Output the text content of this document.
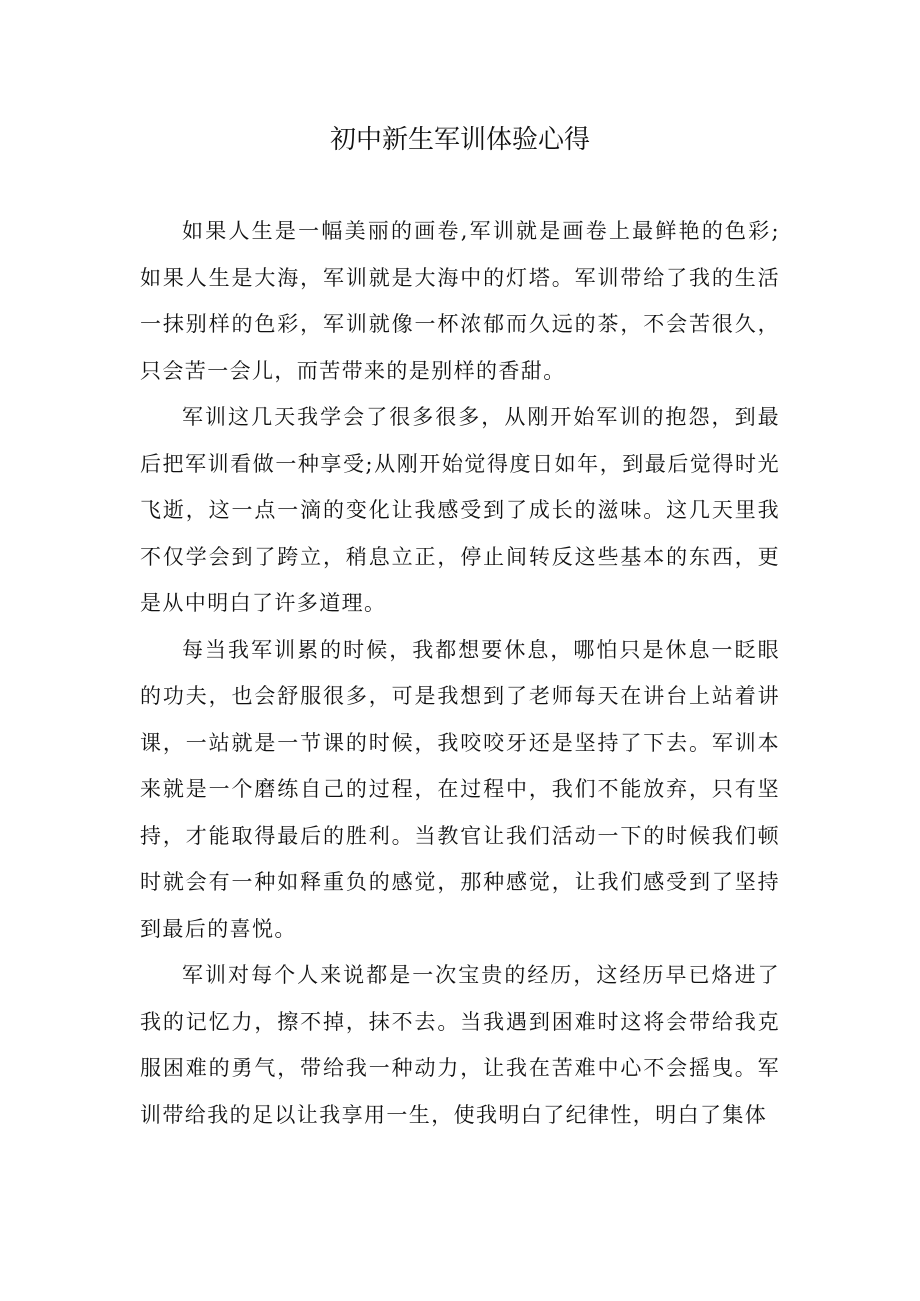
初中新生军训体验心得

如果人生是一幅美丽的画卷,军训就是画卷上最鲜艳的色彩;如果人生是大海，军训就是大海中的灯塔。军训带给了我的生活一抹别样的色彩，军训就像一杯浓郁而久远的茶，不会苦很久，只会苦一会儿，而苦带来的是别样的香甜。

军训这几天我学会了很多很多，从刚开始军训的抱怨，到最后把军训看做一种享受;从刚开始觉得度日如年，到最后觉得时光飞逝，这一点一滴的变化让我感受到了成长的滋味。这几天里我不仅学会到了跨立，稍息立正，停止间转反这些基本的东西，更是从中明白了许多道理。

每当我军训累的时候，我都想要休息，哪怕只是休息一眨眼的功夫，也会舒服很多，可是我想到了老师每天在讲台上站着讲课，一站就是一节课的时候，我咬咬牙还是坚持了下去。军训本来就是一个磨练自己的过程，在过程中，我们不能放弃，只有坚持，才能取得最后的胜利。当教官让我们活动一下的时候我们顿时就会有一种如释重负的感觉，那种感觉，让我们感受到了坚持到最后的喜悦。

军训对每个人来说都是一次宝贵的经历，这经历早已烙进了我的记忆力，擦不掉，抹不去。当我遇到困难时这将会带给我克服困难的勇气，带给我一种动力，让我在苦难中心不会摇曳。军训带给我的足以让我享用一生，使我明白了纪律性，明白了集体
